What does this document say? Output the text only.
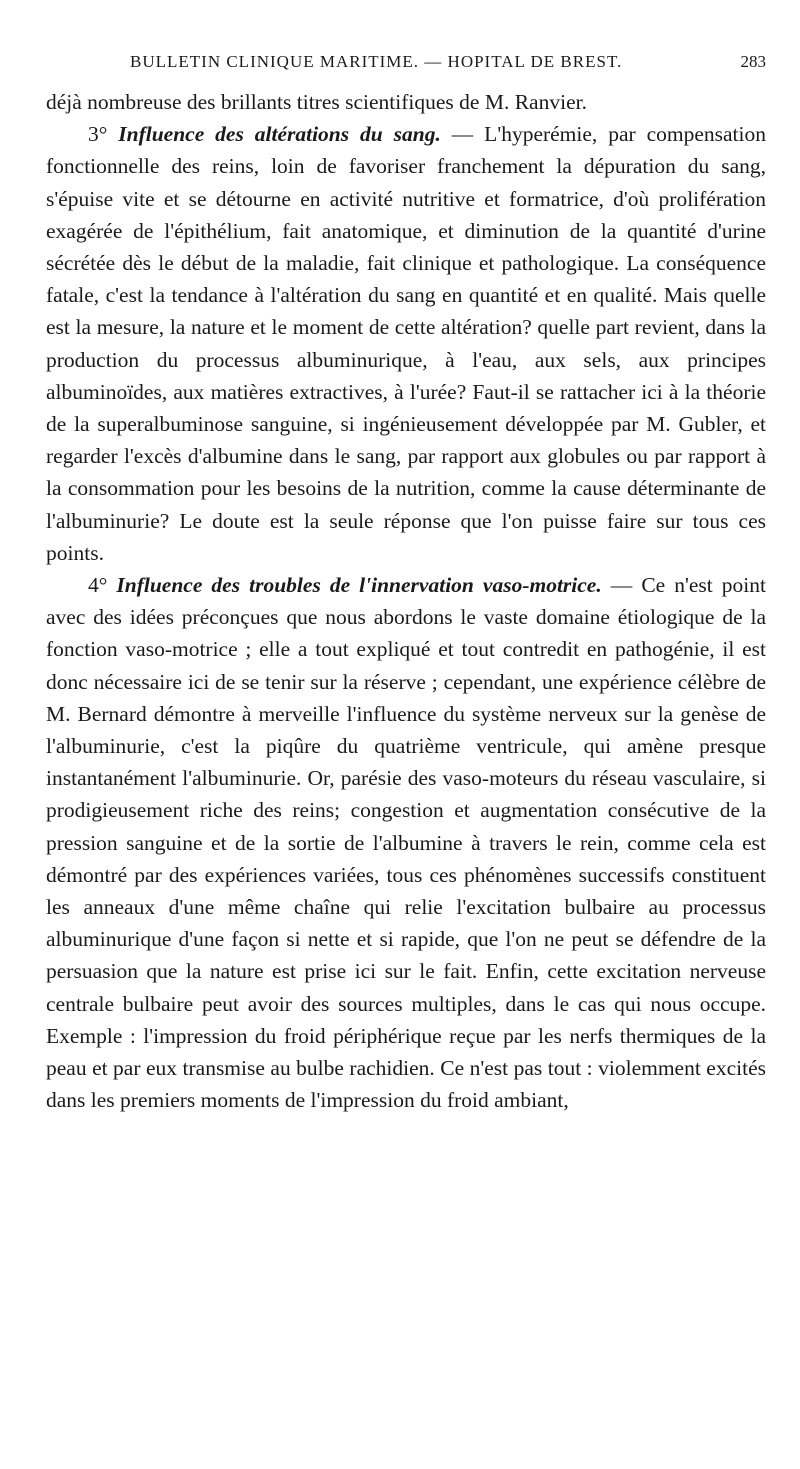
BULLETIN CLINIQUE MARITIME. — HOPITAL DE BREST.	283

déjà nombreuse des brillants titres scientifiques de M. Ranvier.

3° Influence des altérations du sang. — L'hyperémie, par compensation fonctionnelle des reins, loin de favoriser franchement la dépuration du sang, s'épuise vite et se détourne en activité nutritive et formatrice, d'où prolifération exagérée de l'épithélium, fait anatomique, et diminution de la quantité d'urine sécrétée dès le début de la maladie, fait clinique et pathologique. La conséquence fatale, c'est la tendance à l'altération du sang en quantité et en qualité. Mais quelle est la mesure, la nature et le moment de cette altération? quelle part revient, dans la production du processus albuminurique, à l'eau, aux sels, aux principes albuminoïdes, aux matières extractives, à l'urée? Faut-il se rattacher ici à la théorie de la superalbuminose sanguine, si ingénieusement développée par M. Gubler, et regarder l'excès d'albumine dans le sang, par rapport aux globules ou par rapport à la consommation pour les besoins de la nutrition, comme la cause déterminante de l'albuminurie? Le doute est la seule réponse que l'on puisse faire sur tous ces points.

4° Influence des troubles de l'innervation vaso-motrice. — Ce n'est point avec des idées préconçues que nous abordons le vaste domaine étiologique de la fonction vaso-motrice ; elle a tout expliqué et tout contredit en pathogénie, il est donc nécessaire ici de se tenir sur la réserve ; cependant, une expérience célèbre de M. Bernard démontre à merveille l'influence du système nerveux sur la genèse de l'albuminurie, c'est la piqûre du quatrième ventricule, qui amène presque instantanément l'albuminurie. Or, parésie des vaso-moteurs du réseau vasculaire, si prodigieusement riche des reins; congestion et augmentation consécutive de la pression sanguine et de la sortie de l'albumine à travers le rein, comme cela est démontré par des expériences variées, tous ces phénomènes successifs constituent les anneaux d'une même chaîne qui relie l'excitation bulbaire au processus albuminurique d'une façon si nette et si rapide, que l'on ne peut se défendre de la persuasion que la nature est prise ici sur le fait. Enfin, cette excitation nerveuse centrale bulbaire peut avoir des sources multiples, dans le cas qui nous occupe. Exemple : l'impression du froid périphérique reçue par les nerfs thermiques de la peau et par eux transmise au bulbe rachidien. Ce n'est pas tout : violemment excités dans les premiers moments de l'impression du froid ambiant,
